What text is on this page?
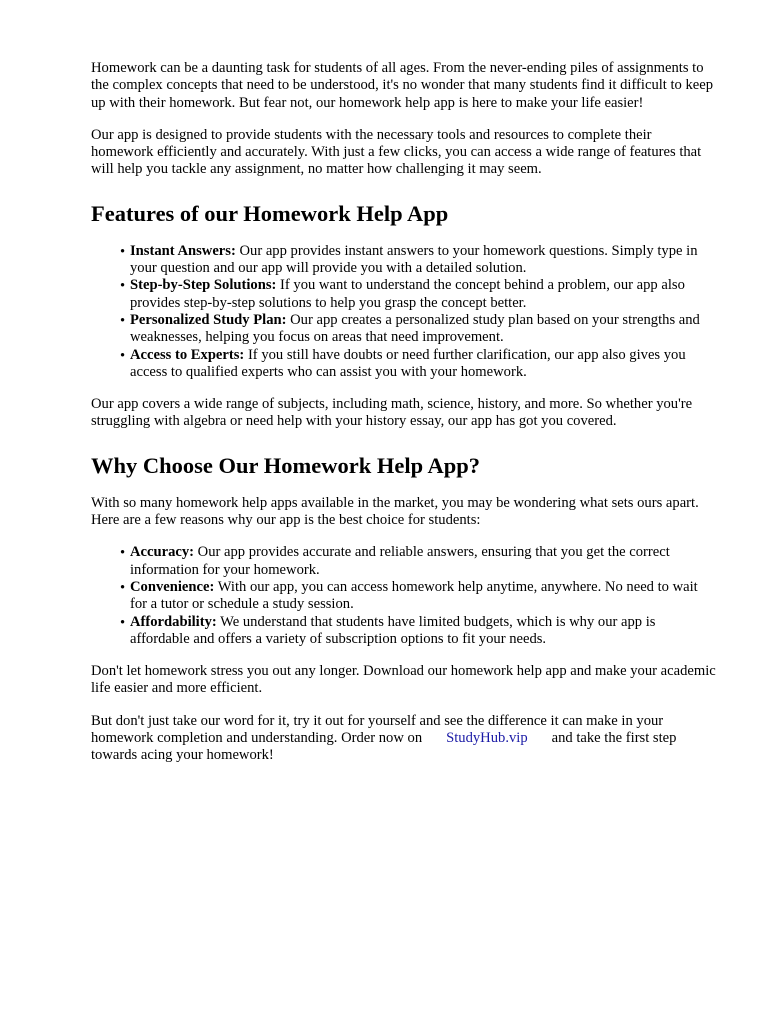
Homework can be a daunting task for students of all ages. From the never-ending piles of assignments to the complex concepts that need to be understood, it's no wonder that many students find it difficult to keep up with their homework. But fear not, our homework help app is here to make your life easier!

Our app is designed to provide students with the necessary tools and resources to complete their homework efficiently and accurately. With just a few clicks, you can access a wide range of features that will help you tackle any assignment, no matter how challenging it may seem.

Features of our Homework Help App
• Instant Answers: Our app provides instant answers to your homework questions. Simply type in your question and our app will provide you with a detailed solution.
• Step-by-Step Solutions: If you want to understand the concept behind a problem, our app also provides step-by-step solutions to help you grasp the concept better.
• Personalized Study Plan: Our app creates a personalized study plan based on your strengths and weaknesses, helping you focus on areas that need improvement.
• Access to Experts: If you still have doubts or need further clarification, our app also gives you access to qualified experts who can assist you with your homework.

Our app covers a wide range of subjects, including math, science, history, and more. So whether you're struggling with algebra or need help with your history essay, our app has got you covered.

Why Choose Our Homework Help App?

With so many homework help apps available in the market, you may be wondering what sets ours apart. Here are a few reasons why our app is the best choice for students:

• Accuracy: Our app provides accurate and reliable answers, ensuring that you get the correct information for your homework.
• Convenience: With our app, you can access homework help anytime, anywhere. No need to wait for a tutor or schedule a study session.
• Affordability: We understand that students have limited budgets, which is why our app is affordable and offers a variety of subscription options to fit your needs.

Don't let homework stress you out any longer. Download our homework help app and make your academic life easier and more efficient.

But don't just take our word for it, try it out for yourself and see the difference it can make in your homework completion and understanding. Order now on StudyHub.vip and take the first step towards acing your homework!
